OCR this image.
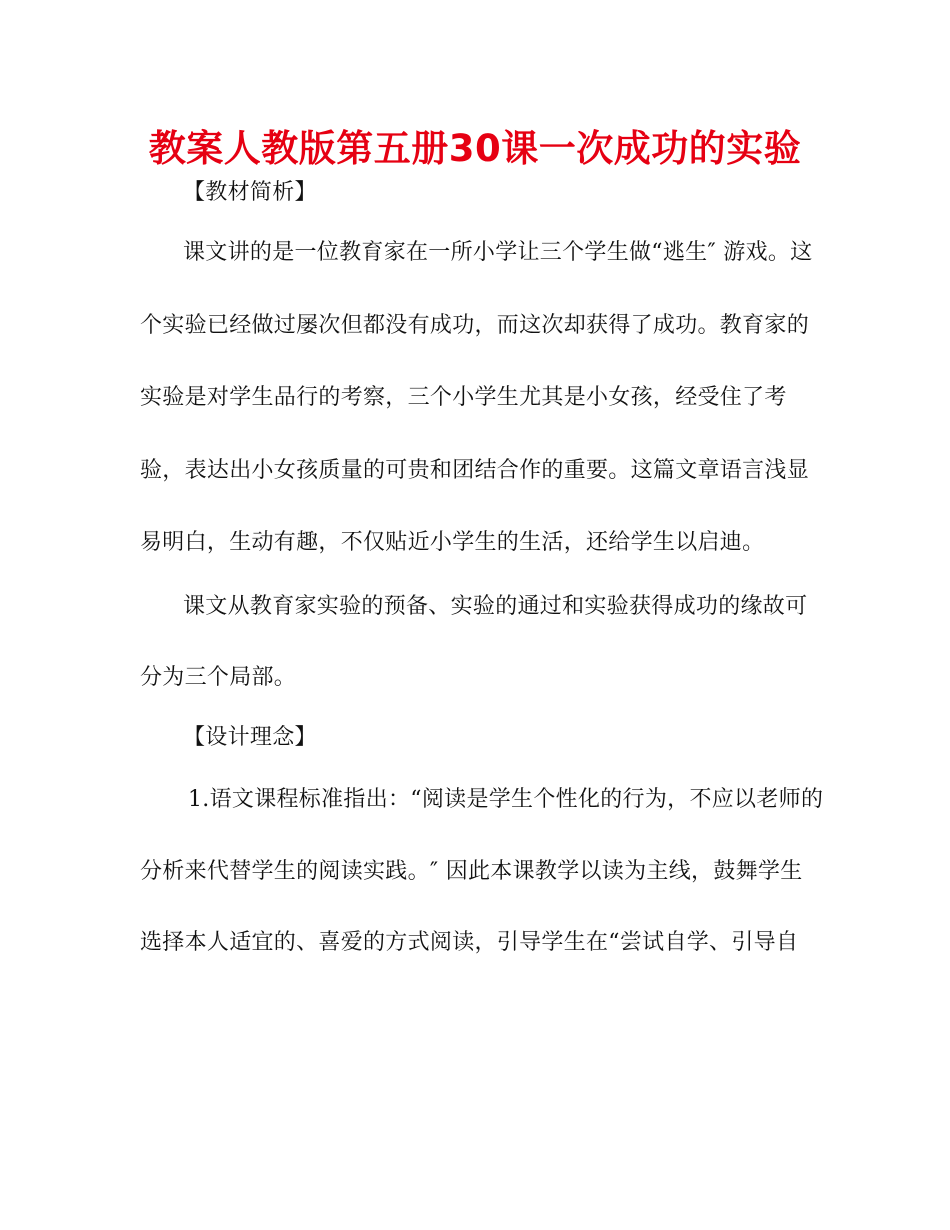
教案人教版第五册30课一次成功的实验
【教材简析】
课文讲的是一位教育家在一所小学让三个学生做“逃生″ 游戏。这
个实验已经做过屡次但都没有成功，而这次却获得了成功。教育家的
实验是对学生品行的考察，三个小学生尤其是小女孩，经受住了考
验，表达出小女孩质量的可贵和团结合作的重要。这篇文章语言浅显
易明白，生动有趣，不仅贴近小学生的生活，还给学生以启迪。
课文从教育家实验的预备、实验的通过和实验获得成功的缘故可
分为三个局部。
【设计理念】
1.语文课程标准指出：“阅读是学生个性化的行为，不应以老师的
分析来代替学生的阅读实践。″ 因此本课教学以读为主线，鼓舞学生
选择本人适宜的、喜爱的方式阅读，引导学生在“尝试自学、引导自
